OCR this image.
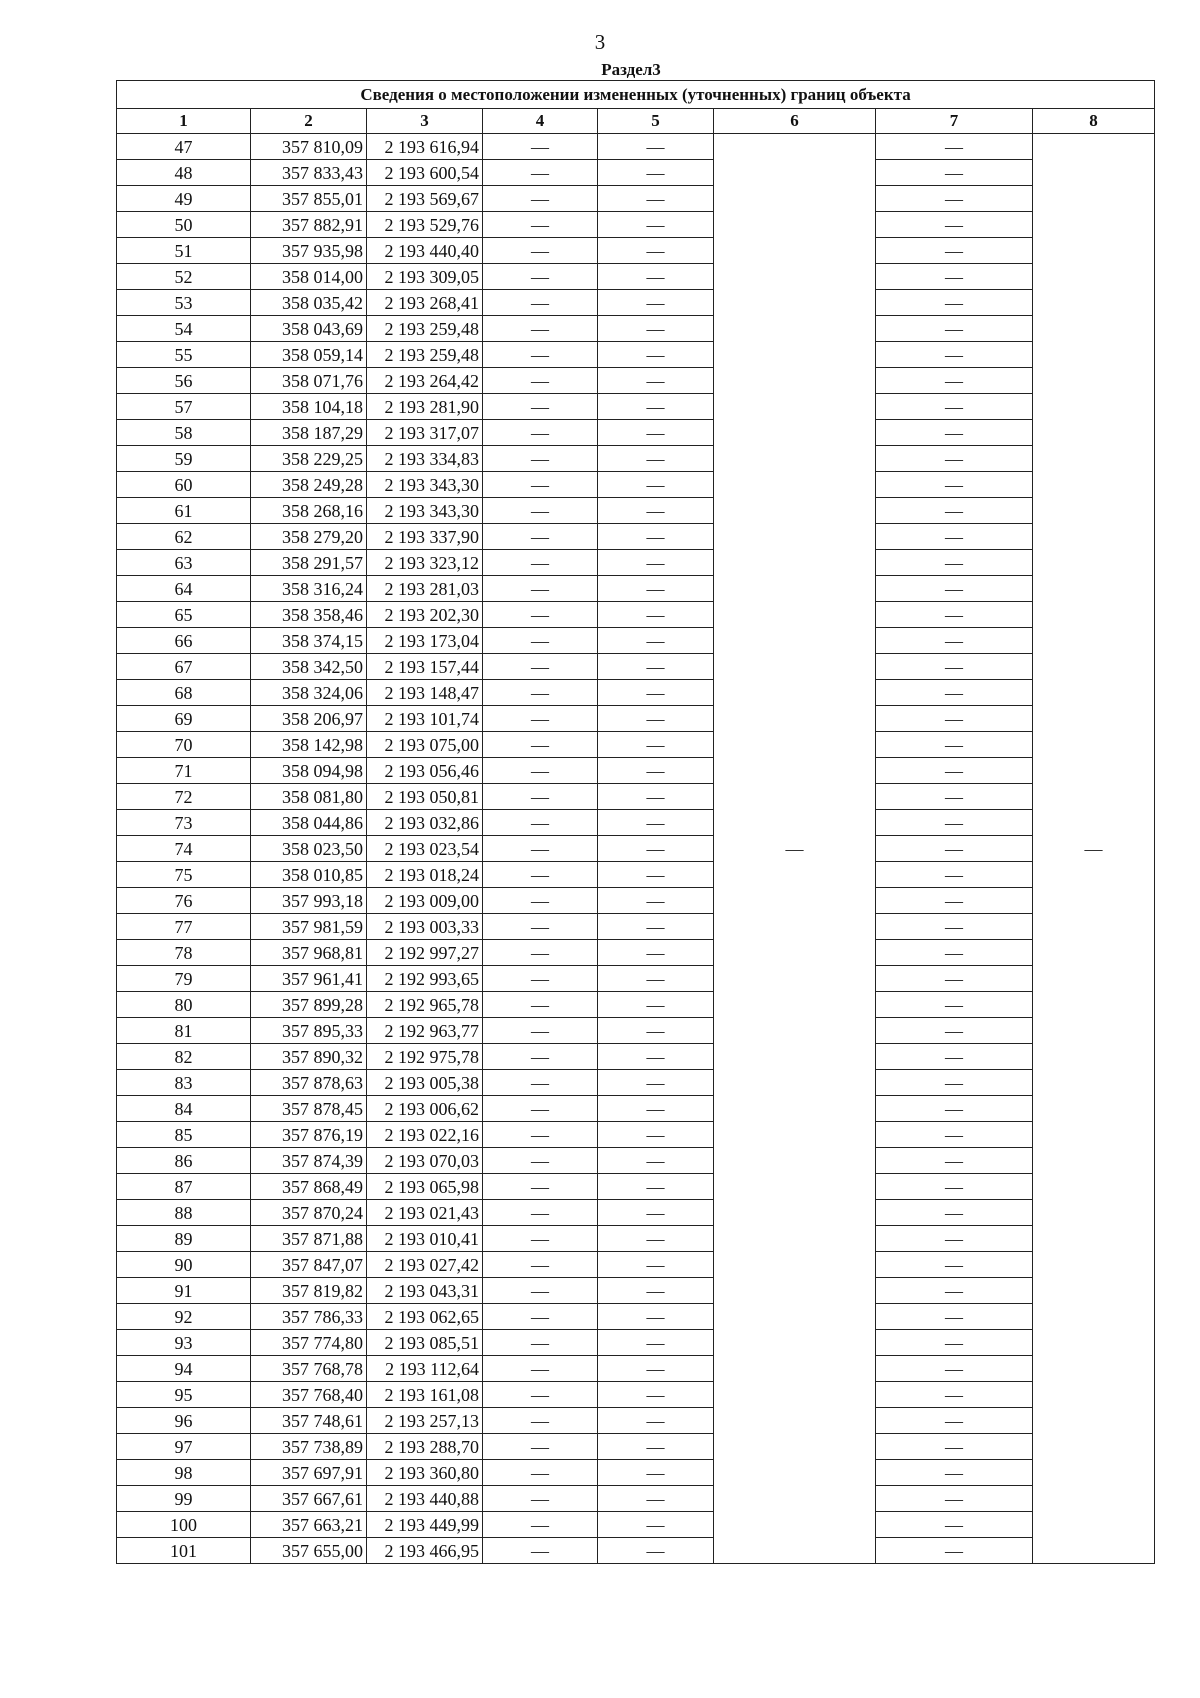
3
Раздел3
Сведения о местоположении измененных (уточненных) границ объекта							
1	2	3	4	5	6	7	8
47	357 810,09	2 193 616,94	—	—	—	—	—
48	357 833,43	2 193 600,54	—	—		—	
49	357 855,01	2 193 569,67	—	—		—	
50	357 882,91	2 193 529,76	—	—		—	
51	357 935,98	2 193 440,40	—	—		—	
52	358 014,00	2 193 309,05	—	—		—	
53	358 035,42	2 193 268,41	—	—		—	
54	358 043,69	2 193 259,48	—	—		—	
55	358 059,14	2 193 259,48	—	—		—	
56	358 071,76	2 193 264,42	—	—		—	
57	358 104,18	2 193 281,90	—	—		—	
58	358 187,29	2 193 317,07	—	—		—	
59	358 229,25	2 193 334,83	—	—		—	
60	358 249,28	2 193 343,30	—	—		—	
61	358 268,16	2 193 343,30	—	—		—	
62	358 279,20	2 193 337,90	—	—		—	
63	358 291,57	2 193 323,12	—	—		—	
64	358 316,24	2 193 281,03	—	—		—	
65	358 358,46	2 193 202,30	—	—		—	
66	358 374,15	2 193 173,04	—	—		—	
67	358 342,50	2 193 157,44	—	—		—	
68	358 324,06	2 193 148,47	—	—		—	
69	358 206,97	2 193 101,74	—	—		—	
70	358 142,98	2 193 075,00	—	—		—	
71	358 094,98	2 193 056,46	—	—		—	
72	358 081,80	2 193 050,81	—	—		—	
73	358 044,86	2 193 032,86	—	—		—	
74	358 023,50	2 193 023,54	—	—		—	
75	358 010,85	2 193 018,24	—	—		—	
76	357 993,18	2 193 009,00	—	—		—	
77	357 981,59	2 193 003,33	—	—		—	
78	357 968,81	2 192 997,27	—	—		—	
79	357 961,41	2 192 993,65	—	—		—	
80	357 899,28	2 192 965,78	—	—		—	
81	357 895,33	2 192 963,77	—	—		—	
82	357 890,32	2 192 975,78	—	—		—	
83	357 878,63	2 193 005,38	—	—		—	
84	357 878,45	2 193 006,62	—	—		—	
85	357 876,19	2 193 022,16	—	—		—	
86	357 874,39	2 193 070,03	—	—		—	
87	357 868,49	2 193 065,98	—	—		—	
88	357 870,24	2 193 021,43	—	—		—	
89	357 871,88	2 193 010,41	—	—		—	
90	357 847,07	2 193 027,42	—	—		—	
91	357 819,82	2 193 043,31	—	—		—	
92	357 786,33	2 193 062,65	—	—		—	
93	357 774,80	2 193 085,51	—	—		—	
94	357 768,78	2 193 112,64	—	—		—	
95	357 768,40	2 193 161,08	—	—		—	
96	357 748,61	2 193 257,13	—	—		—	
97	357 738,89	2 193 288,70	—	—		—	
98	357 697,91	2 193 360,80	—	—		—	
99	357 667,61	2 193 440,88	—	—		—	
100	357 663,21	2 193 449,99	—	—		—	
101	357 655,00	2 193 466,95	—	—		—	
